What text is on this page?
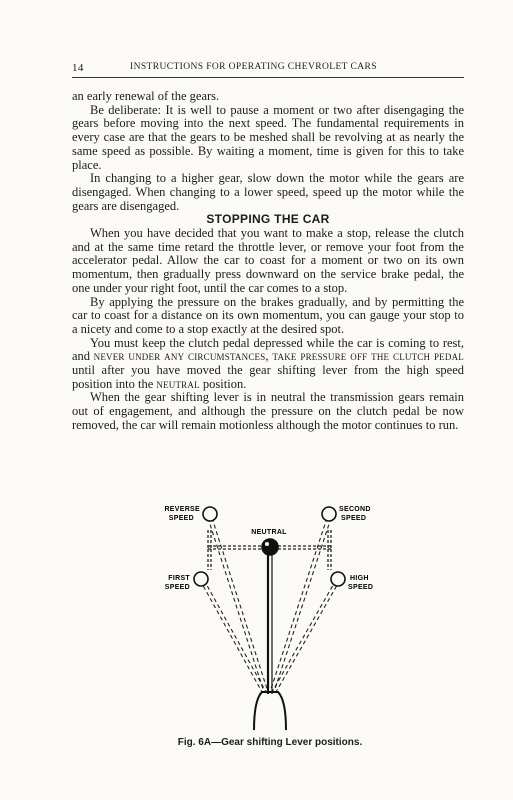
14	INSTRUCTIONS FOR OPERATING CHEVROLET CARS

an early renewal of the gears.

Be deliberate: It is well to pause a moment or two after disengaging the gears before moving into the next speed. The fundamental requirements in every case are that the gears to be meshed shall be revolving at as nearly the same speed as possible. By waiting a moment, time is given for this to take place.

In changing to a higher gear, slow down the motor while the gears are disengaged. When changing to a lower speed, speed up the motor while the gears are disengaged.

STOPPING THE CAR

When you have decided that you want to make a stop, release the clutch and at the same time retard the throttle lever, or remove your foot from the accelerator pedal. Allow the car to coast for a moment or two on its own momentum, then gradually press downward on the service brake pedal, the one under your right foot, until the car comes to a stop.

By applying the pressure on the brakes gradually, and by permitting the car to coast for a distance on its own momentum, you can gauge your stop to a nicety and come to a stop exactly at the desired spot.

You must keep the clutch pedal depressed while the car is coming to rest, and never under any circumstances, take pressure off the clutch pedal until after you have moved the gear shifting lever from the high speed position into the neutral position.

When the gear shifting lever is in neutral the transmission gears remain out of engagement, and although the pressure on the clutch pedal be now removed, the car will remain motionless although the motor continues to run.

REVERSE
SPEED
SECOND
SPEED
NEUTRAL
FIRST
SPEED
HIGH
SPEED
Fig. 6A—Gear shifting Lever positions.
